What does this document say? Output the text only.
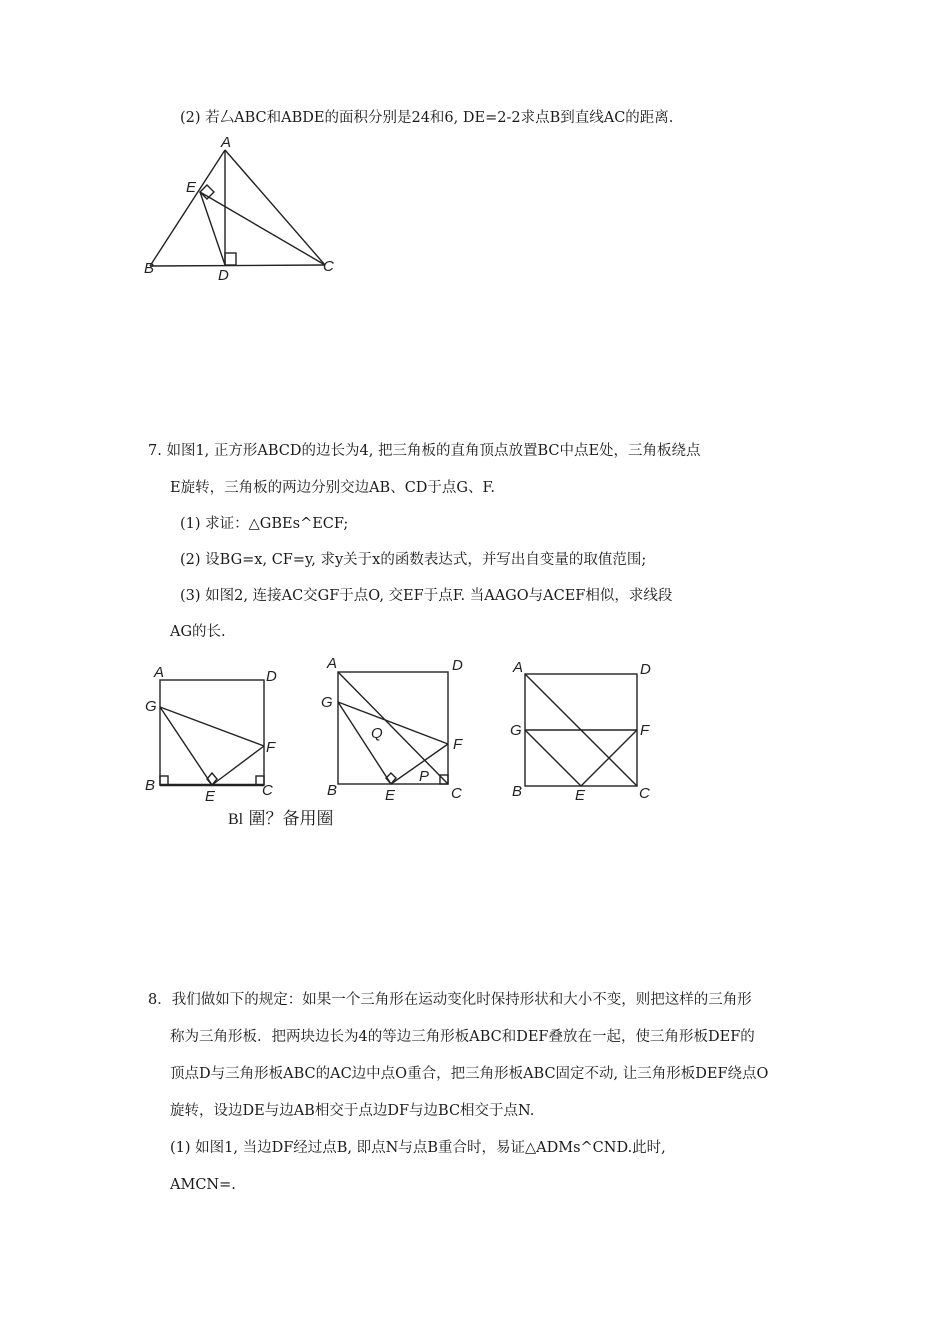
(2) 若厶ABC和ABDE的面积分别是24和6, DE=2-2求点B到直线AC的距离.
A
E
B	D
C
7. 如图1, 正方形ABCD的边长为4, 把三角板的直角顶点放置BC中点E处，三角板绕点
E旋转，三角板的两边分别交边AB、CD于点G、F.
(1) 求证：△GBEs^ECF;
(2) 设BG=x, CF=y, 求y关于x的函数表达式，并写出自变量的取值范围;
(3) 如图2, 连接AC交GF于点O, 交EF于点F. 当AAGO与ACEF相似，求线段
AG的长.
A	D
G
F
B
E	C
A	D
G
Q
F
P
B	E	C
A	D
G	F
B	E	C
Bl 圍？备用圈
8．我们做如下的规定：如果一个三角形在运动变化时保持形状和大小不变，则把这样的三角形
称为三角形板．把两块边长为4的等边三角形板ABC和DEF叠放在一起，使三角形板DEF的
顶点D与三角形板ABC的AC边中点O重合，把三角形板ABC固定不动, 让三角形板DEF绕点O
旋转，设边DE与边AB相交于点边DF与边BC相交于点N.
(1) 如图1, 当边DF经过点B, 即点N与点B重合时，易证△ADMs^CND.此时,
AMCN=.
